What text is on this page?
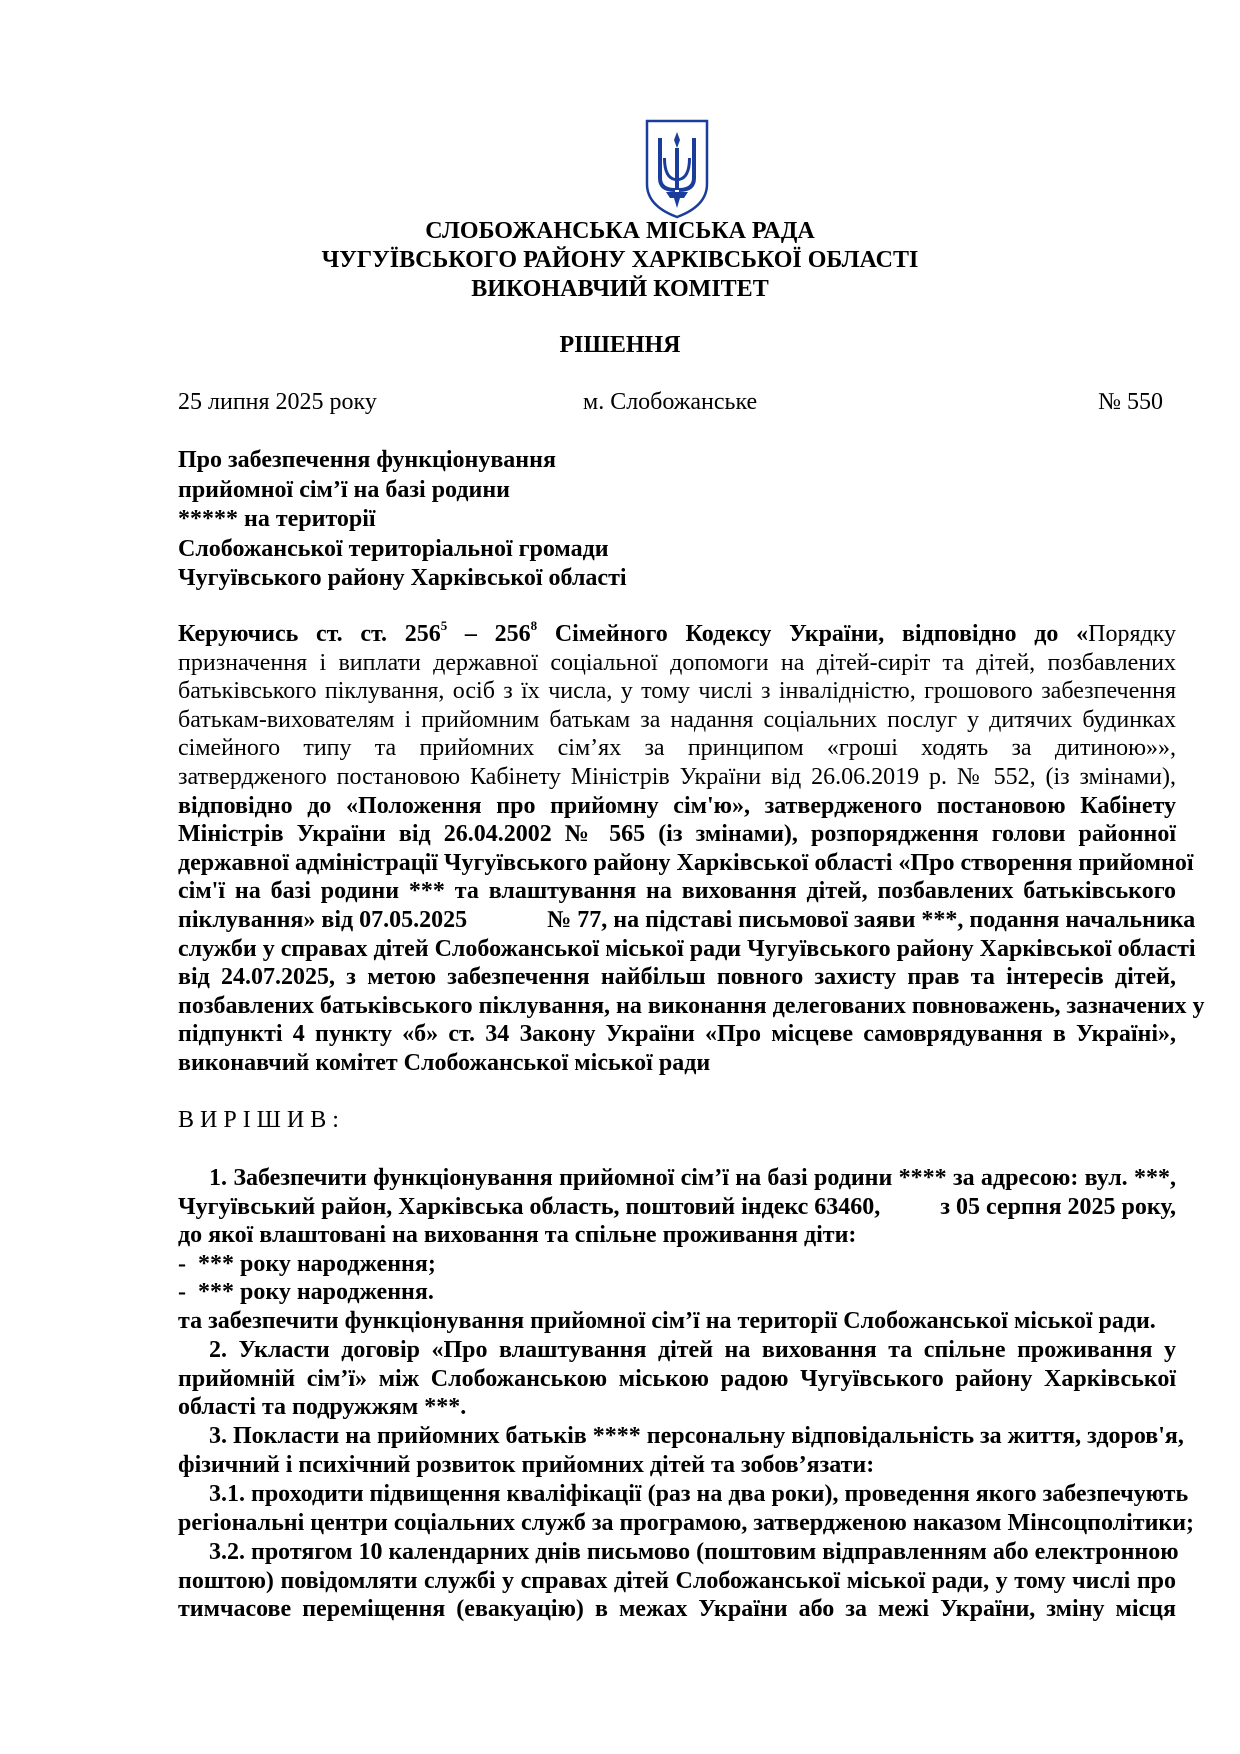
СЛОБОЖАНСЬКА МІСЬКА РАДА
ЧУГУЇВСЬКОГО РАЙОНУ ХАРКІВСЬКОЇ ОБЛАСТІ
ВИКОНАВЧИЙ КОМІТЕТ
РІШЕННЯ
25 липня 2025 року	м. Слобожанське	№ 550
Про забезпечення функціонування
прийомної сім’ї на базі родини
***** на території
Слобожанської територіальної громади
Чугуївського району Харківської області
Керуючись ст. ст. $256^5 - 256^8$ Сімейного Кодексу України, відповідно до «Порядку
призначення і виплати державної соціальної допомоги на дітей-сиріт та дітей, позбавлених
батьківського піклування, осіб з їх числа, у тому числі з інвалідністю, грошового забезпечення
батькам-вихователям і прийомним батькам за надання соціальних послуг у дитячих будинках
сімейного типу та прийомних сім’ях за принципом «гроші ходять за дитиною»»,
затвердженого постановою Кабінету Міністрів України від 26.06.2019 р. № 552, (із змінами),
відповідно до «Положення про прийомну сім'ю», затвердженого постановою Кабінету
Міністрів України від 26.04.2002 № 565 (із змінами), розпорядження голови районної
державної адміністрації Чугуївського району Харківської області «Про створення прийомної
сім'ї на базі родини *** та влаштування на виховання дітей, позбавлених батьківського
піклування» від 07.05.2025	№ 77, на підставі письмової заяви ***, подання начальника
служби у справах дітей Слобожанської міської ради Чугуївського району Харківської області
від 24.07.2025, з метою забезпечення найбільш повного захисту прав та інтересів дітей,
позбавлених батьківського піклування, на виконання делегованих повноважень, зазначених у
підпункті 4 пункту «б» ст. 34 Закону України «Про місцеве самоврядування в Україні»,
виконавчий комітет Слобожанської міської ради
ВИРІШИВ:
1. Забезпечити функціонування прийомної сім’ї на базі родини **** за адресою: вул. ***,
Чугуївський район, Харківська область, поштовий індекс 63460,	з 05 серпня 2025 року,
до якої влаштовані на виховання та спільне проживання діти:
- *** року народження;
- *** року народження.
та забезпечити функціонування прийомної сім’ї на території Слобожанської міської ради.
2. Укласти договір «Про влаштування дітей на виховання та спільне проживання у
прийомній сім’ї» між Слобожанською міською радою Чугуївського району Харківської
області та подружжям ***.
3. Покласти на прийомних батьків **** персональну відповідальність за життя, здоров'я,
фізичний і психічний розвиток прийомних дітей та зобов’язати:
3.1. проходити підвищення кваліфікації (раз на два роки), проведення якого забезпечують
регіональні центри соціальних служб за програмою, затвердженою наказом Мінсоцполітики;
3.2. протягом 10 календарних днів письмово (поштовим відправленням або електронною
поштою) повідомляти службі у справах дітей Слобожанської міської ради, у тому числі про
тимчасове переміщення (евакуацію) в межах України або за межі України, зміну місця
